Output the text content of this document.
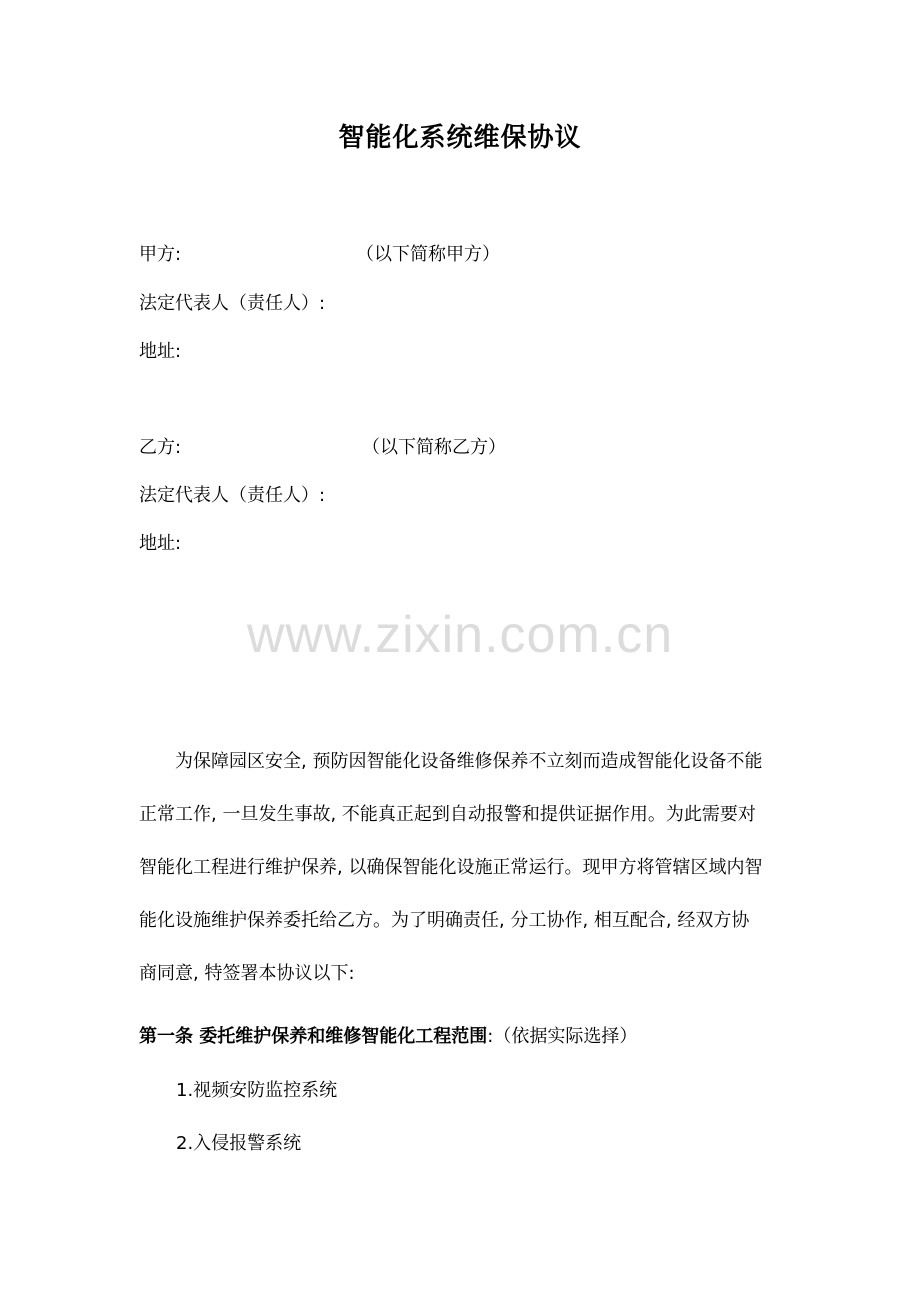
智能化系统维保协议
甲方:	（以下简称甲方）
法定代表人（责任人）:
地址:
乙方:	（以下简称乙方）
法定代表人（责任人）:
地址:
www.zixin.com.cn
为保障园区安全, 预防因智能化设备维修保养不立刻而造成智能化设备不能
正常工作, 一旦发生事故, 不能真正起到自动报警和提供证据作用。为此需要对
智能化工程进行维护保养, 以确保智能化设施正常运行。现甲方将管辖区域内智
能化设施维护保养委托给乙方。为了明确责任, 分工协作, 相互配合, 经双方协
商同意, 特签署本协议以下:
第一条 委托维护保养和维修智能化工程范围:（依据实际选择）
1.视频安防监控系统
2.入侵报警系统
